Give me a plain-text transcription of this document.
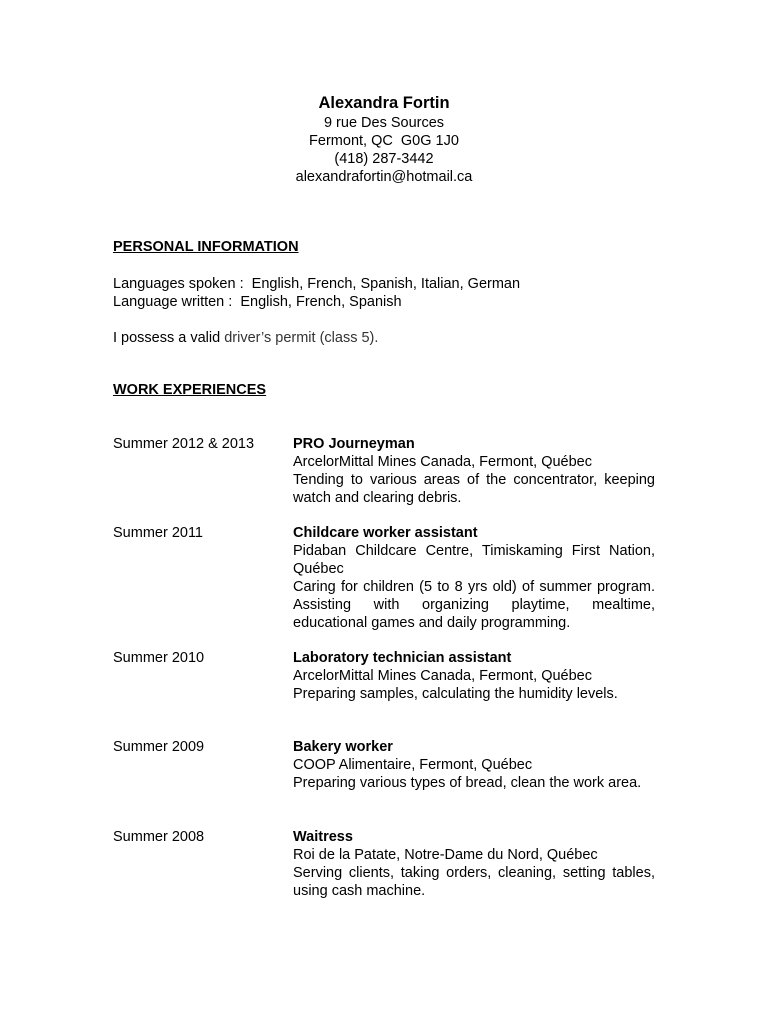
Alexandra Fortin
9 rue Des Sources
Fermont, QC  G0G 1J0
(418) 287-3442
alexandrafortin@hotmail.ca
PERSONAL INFORMATION
Languages spoken :  English, French, Spanish, Italian, German
Language written :  English, French, Spanish
I possess a valid driver’s permit (class 5).
WORK EXPERIENCES
Summer 2012 & 2013	PRO Journeyman
ArcelorMittal Mines Canada, Fermont, Québec
Tending to various areas of the concentrator, keeping watch and clearing debris.
Summer 2011	Childcare worker assistant
Pidaban Childcare Centre, Timiskaming First Nation, Québec
Caring for children (5 to 8 yrs old) of summer program. Assisting with organizing playtime, mealtime, educational games and daily programming.
Summer 2010	Laboratory technician assistant
ArcelorMittal Mines Canada, Fermont, Québec
Preparing samples, calculating the humidity levels.
Summer 2009	Bakery worker
COOP Alimentaire, Fermont, Québec
Preparing various types of bread, clean the work area.
Summer 2008	Waitress
Roi de la Patate, Notre-Dame du Nord, Québec
Serving clients, taking orders, cleaning, setting tables, using cash machine.
